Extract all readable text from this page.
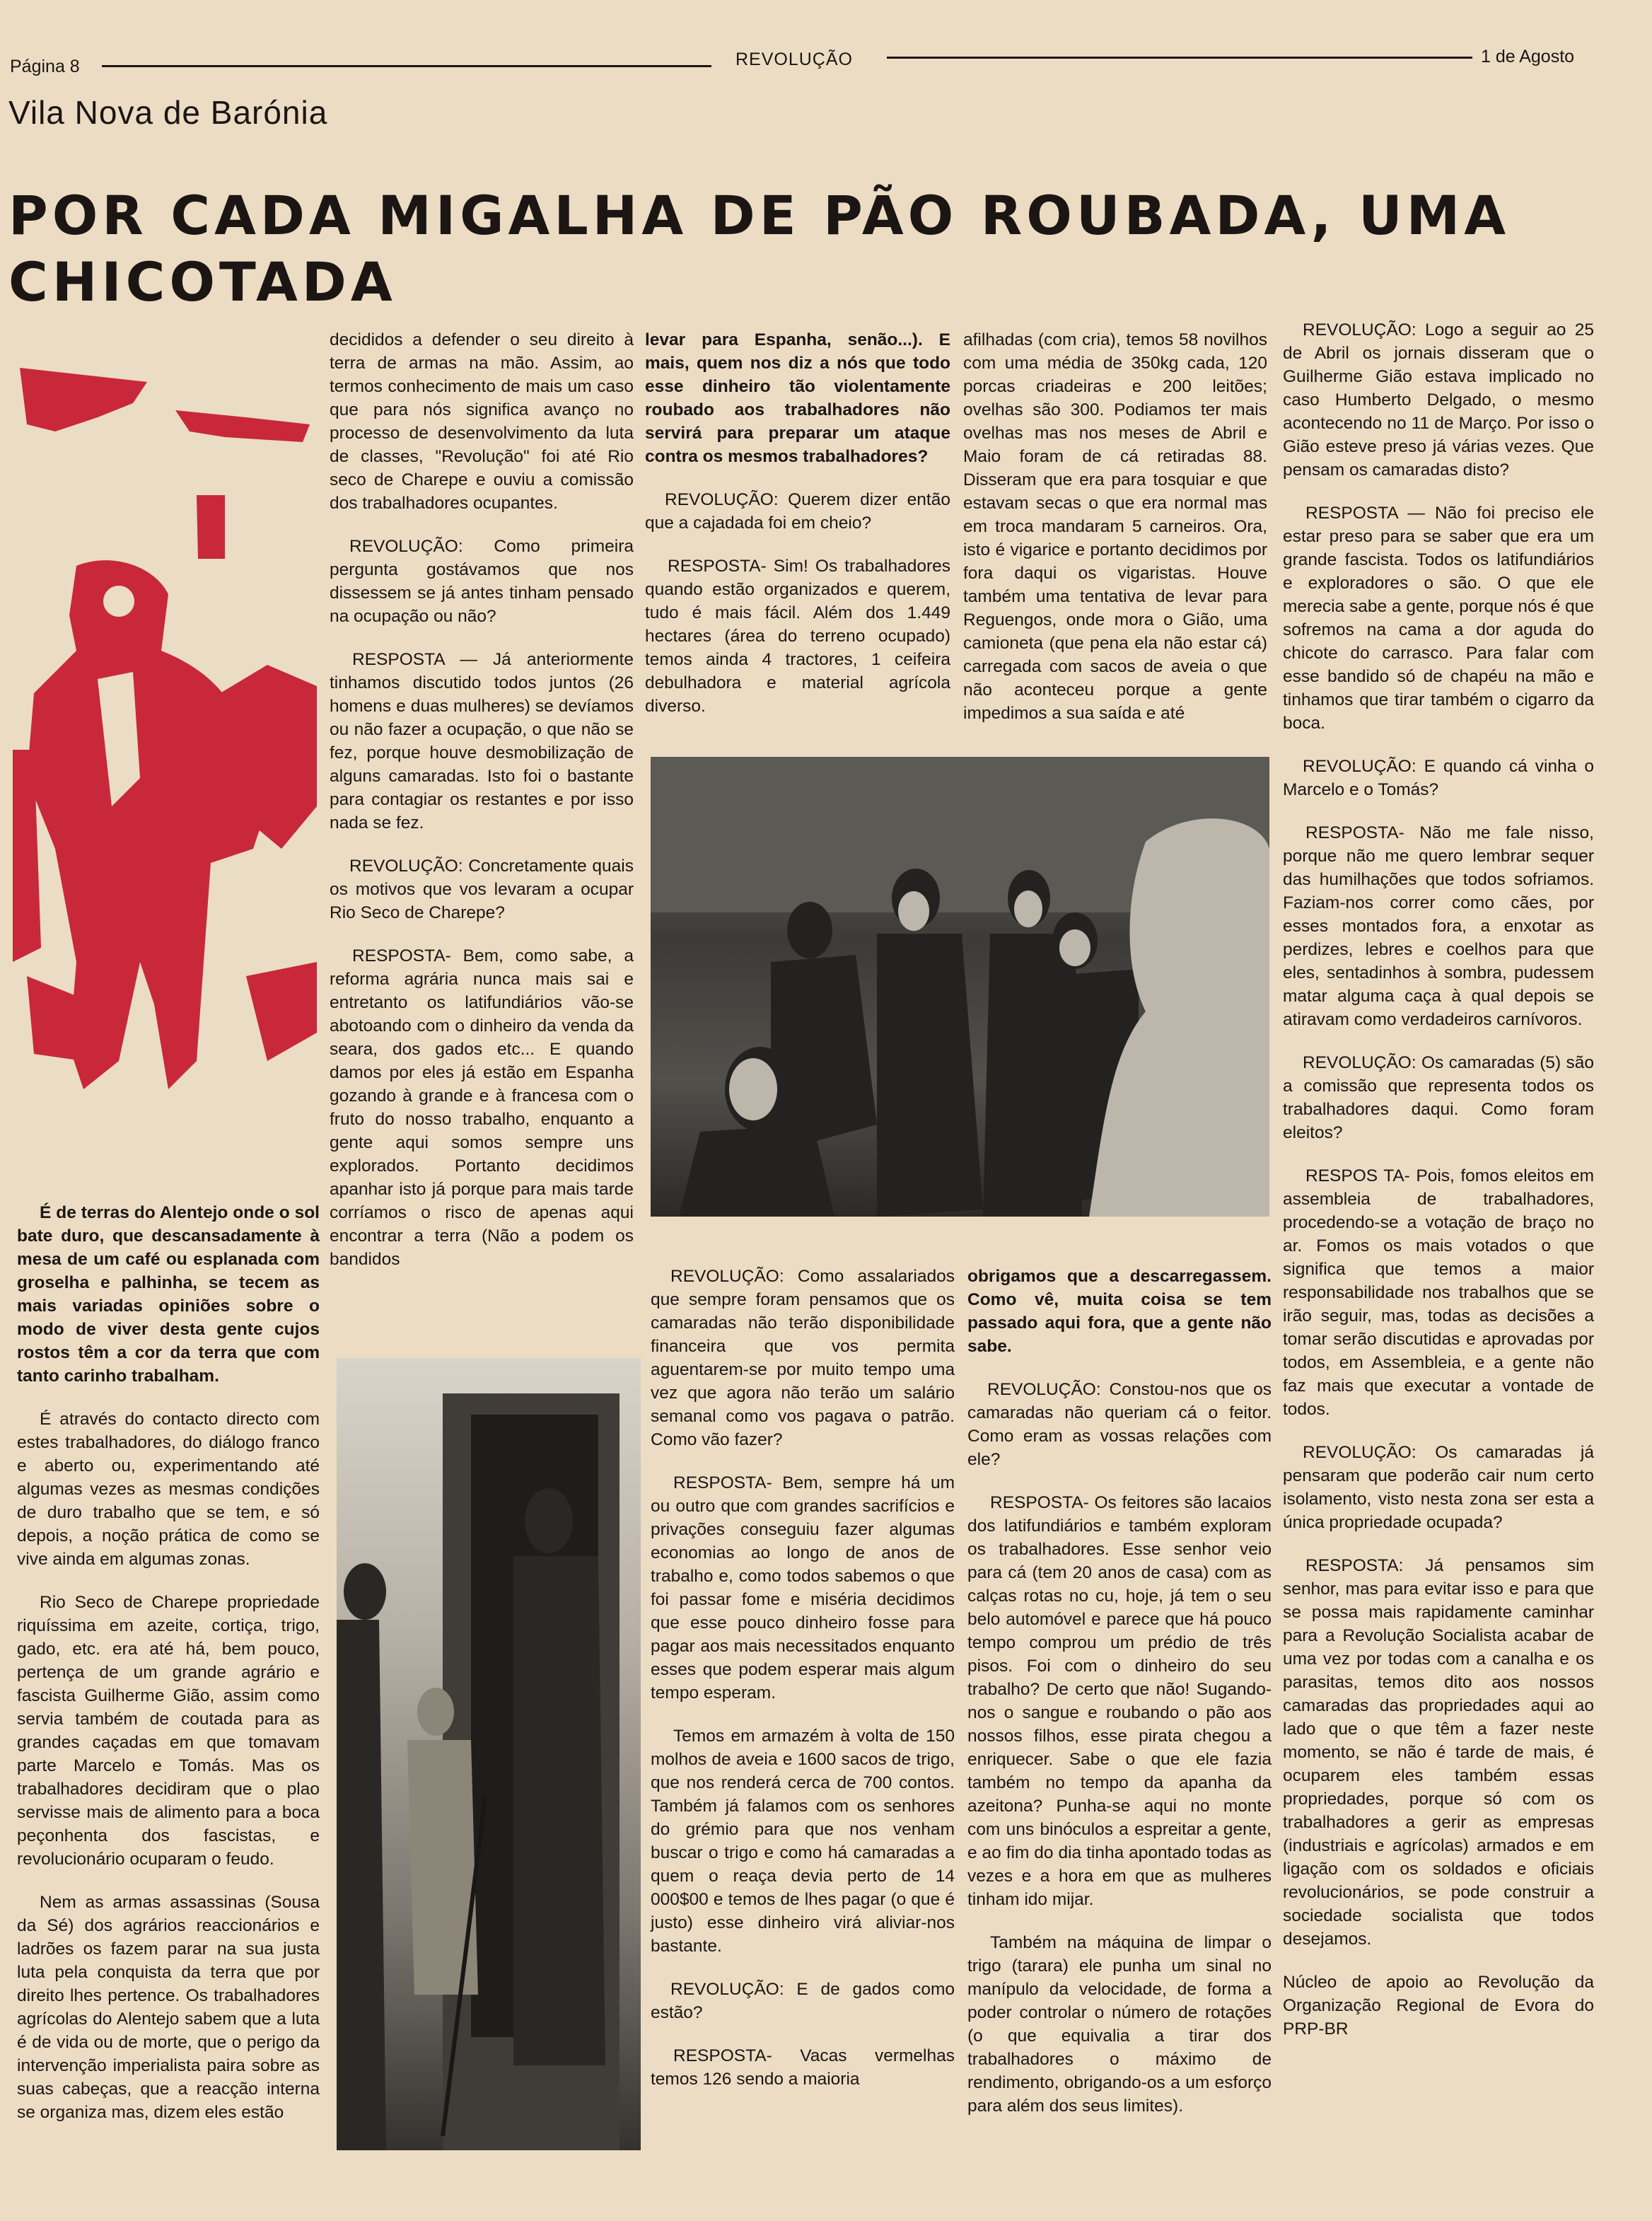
Página 8	REVOLUÇÃO	1 de Agosto
Vila Nova de Barónia
POR CADA MIGALHA DE PÃO ROUBADA, UMA CHICOTADA

É de terras do Alentejo onde o sol bate duro, que descansadamente à mesa de um café ou esplanada com groselha e palhinha, se tecem as mais variadas opiniões sobre o modo de viver desta gente cujos rostos têm a cor da terra que com tanto carinho trabalham.

É através do contacto directo com estes trabalhadores, do diálogo franco e aberto ou, experimentando até algumas vezes as mesmas condições de duro trabalho que se tem, e só depois, a noção prática de como se vive ainda em algumas zonas.

Rio Seco de Charepe propriedade riquíssima em azeite, cortiça, trigo, gado, etc. era até há, bem pouco, pertença de um grande agrário e fascista Guilherme Gião, assim como servia também de coutada para as grandes caçadas em que tomavam parte Marcelo e Tomás. Mas os trabalhadores decidiram que o plao servisse mais de alimento para a boca peçonhenta dos fascistas, e revolucionário ocuparam o feudo.

Nem as armas assassinas (Sousa da Sé) dos agrários reaccionários e ladrões os fazem parar na sua justa luta pela conquista da terra que por direito lhes pertence. Os trabalhadores agrícolas do Alentejo sabem que a luta é de vida ou de morte, que o perigo da intervenção imperialista paira sobre as suas cabeças, que a reacção interna se organiza mas, dizem eles estão

decididos a defender o seu direito à terra de armas na mão. Assim, ao termos conhecimento de mais um caso que para nós significa avanço no processo de desenvolvimento da luta de classes, "Revolução" foi até Rio seco de Charepe e ouviu a comissão dos trabalhadores ocupantes.

REVOLUÇÃO: Como primeira pergunta gostávamos que nos dissessem se já antes tinham pensado na ocupação ou não?

RESPOSTA — Já anteriormente tinhamos discutido todos juntos (26 homens e duas mulheres) se devíamos ou não fazer a ocupação, o que não se fez, porque houve desmobilização de alguns camaradas. Isto foi o bastante para contagiar os restantes e por isso nada se fez.

REVOLUÇÃO: Concretamente quais os motivos que vos levaram a ocupar Rio Seco de Charepe?

RESPOSTA- Bem, como sabe, a reforma agrária nunca mais sai e entretanto os latifundiários vão-se abotoando com o dinheiro da venda da seara, dos gados etc... E quando damos por eles já estão em Espanha gozando à grande e à francesa com o fruto do nosso trabalho, enquanto a gente aqui somos sempre uns explorados. Portanto decidimos apanhar isto já porque para mais tarde corríamos o risco de apenas aqui encontrar a terra (Não a podem os bandidos

levar para Espanha, senão...). E mais, quem nos diz a nós que todo esse dinheiro tão violentamente roubado aos trabalhadores não servirá para preparar um ataque contra os mesmos trabalhadores?

REVOLUÇÃO: Querem dizer então que a cajadada foi em cheio?

RESPOSTA- Sim! Os trabalhadores quando estão organizados e querem, tudo é mais fácil. Além dos 1.449 hectares (área do terreno ocupado) temos ainda 4 tractores, 1 ceifeira debulhadora e material agrícola diverso.

afilhadas (com cria), temos 58 novilhos com uma média de 350kg cada, 120 porcas criadeiras e 200 leitões; ovelhas são 300. Podiamos ter mais ovelhas mas nos meses de Abril e Maio foram de cá retiradas 88. Disseram que era para tosquiar e que estavam secas o que era normal mas em troca mandaram 5 carneiros. Ora, isto é vigarice e portanto decidimos por fora daqui os vigaristas. Houve também uma tentativa de levar para Reguengos, onde mora o Gião, uma camioneta (que pena ela não estar cá) carregada com sacos de aveia o que não aconteceu porque a gente impedimos a sua saída e até

REVOLUÇÃO: Como assalariados que sempre foram pensamos que os camaradas não terão disponibilidade financeira que vos permita aguentarem-se por muito tempo uma vez que agora não terão um salário semanal como vos pagava o patrão. Como vão fazer?

RESPOSTA- Bem, sempre há um ou outro que com grandes sacrifícios e privações conseguiu fazer algumas economias ao longo de anos de trabalho e, como todos sabemos o que foi passar fome e miséria decidimos que esse pouco dinheiro fosse para pagar aos mais necessitados enquanto esses que podem esperar mais algum tempo esperam.

Temos em armazém à volta de 150 molhos de aveia e 1600 sacos de trigo, que nos renderá cerca de 700 contos. Também já falamos com os senhores do grémio para que nos venham buscar o trigo e como há camaradas a quem o reaça devia perto de 14 000$00 e temos de lhes pagar (o que é justo) esse dinheiro virá aliviar-nos bastante.

REVOLUÇÃO: E de gados como estão?

RESPOSTA- Vacas vermelhas temos 126 sendo a maioria

obrigamos que a descarregassem. Como vê, muita coisa se tem passado aqui fora, que a gente não sabe.

REVOLUÇÃO: Constou-nos que os camaradas não queriam cá o feitor. Como eram as vossas relações com ele?

RESPOSTA- Os feitores são lacaios dos latifundiários e também exploram os trabalhadores. Esse senhor veio para cá (tem 20 anos de casa) com as calças rotas no cu, hoje, já tem o seu belo automóvel e parece que há pouco tempo comprou um prédio de três pisos. Foi com o dinheiro do seu trabalho? De certo que não! Sugando-nos o sangue e roubando o pão aos nossos filhos, esse pirata chegou a enriquecer. Sabe o que ele fazia também no tempo da apanha da azeitona? Punha-se aqui no monte com uns binóculos a espreitar a gente, e ao fim do dia tinha apontado todas as vezes e a hora em que as mulheres tinham ido mijar.

Também na máquina de limpar o trigo (tarara) ele punha um sinal no manípulo da velocidade, de forma a poder controlar o número de rotações (o que equivalia a tirar dos trabalhadores o máximo de rendimento, obrigando-os a um esforço para além dos seus limites).

REVOLUÇÃO: Logo a seguir ao 25 de Abril os jornais disseram que o Guilherme Gião estava implicado no caso Humberto Delgado, o mesmo acontecendo no 11 de Março. Por isso o Gião esteve preso já várias vezes. Que pensam os camaradas disto?

RESPOSTA — Não foi preciso ele estar preso para se saber que era um grande fascista. Todos os latifundiários e exploradores o são. O que ele merecia sabe a gente, porque nós é que sofremos na cama a dor aguda do chicote do carrasco. Para falar com esse bandido só de chapéu na mão e tinhamos que tirar também o cigarro da boca.

REVOLUÇÃO: E quando cá vinha o Marcelo e o Tomás?

RESPOSTA- Não me fale nisso, porque não me quero lembrar sequer das humilhações que todos sofriamos. Faziam-nos correr como cães, por esses montados fora, a enxotar as perdizes, lebres e coelhos para que eles, sentadinhos à sombra, pudessem matar alguma caça à qual depois se atiravam como verdadeiros carnívoros.

REVOLUÇÃO: Os camaradas (5) são a comissão que representa todos os trabalhadores daqui. Como foram eleitos?

RESPOS TA- Pois, fomos eleitos em assembleia de trabalhadores, procedendo-se a votação de braço no ar. Fomos os mais votados o que significa que temos a maior responsabilidade nos trabalhos que se irão seguir, mas, todas as decisões a tomar serão discutidas e aprovadas por todos, em Assembleia, e a gente não faz mais que executar a vontade de todos.

REVOLUÇÃO: Os camaradas já pensaram que poderão cair num certo isolamento, visto nesta zona ser esta a única propriedade ocupada?

RESPOSTA: Já pensamos sim senhor, mas para evitar isso e para que se possa mais rapidamente caminhar para a Revolução Socialista acabar de uma vez por todas com a canalha e os parasitas, temos dito aos nossos camaradas das propriedades aqui ao lado que o que têm a fazer neste momento, se não é tarde de mais, é ocuparem eles também essas propriedades, porque só com os trabalhadores a gerir as empresas (industriais e agrícolas) armados e em ligação com os soldados e oficiais revolucionários, se pode construir a sociedade socialista que todos desejamos.

Núcleo de apoio ao Revolução da Organização Regional de Evora do PRP-BR
